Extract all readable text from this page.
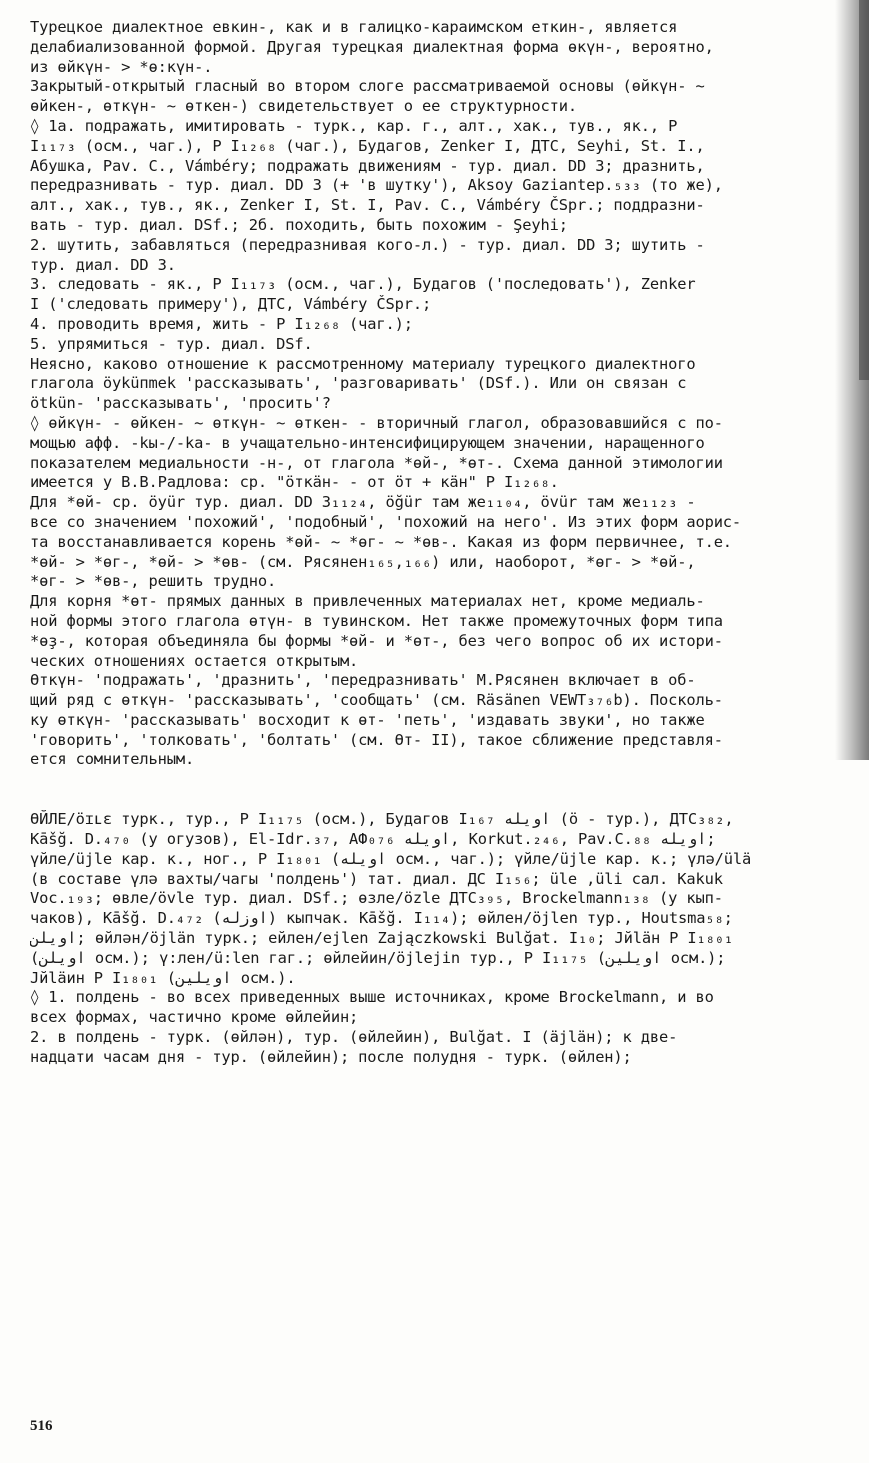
Турецкое диалектное евкин-, как и в галицко-караимском еткин-, является
делабиализованной формой. Другая турецкая диалектная форма өкүн-, вероятно,
из өйкүн- > *ө:күн-.
Закрытый-открытый гласный во втором слоге рассматриваемой основы (өйкүн- ~
өйкен-, өткүн- ~ өткен-) свидетельствует о ее структурности.
◊ 1а. подражать, имитировать - турк., кар. г., алт., хак., тув., як., Р
I₁₁₇₃ (осм., чаг.), Р I₁₂₆₈ (чаг.), Будагов, Zenker I, ДТС, Seyhi, St. I.,
Абушка, Pav. C., Vámbéry; подражать движениям - тур. диал. DD 3; дразнить,
передразнивать - тур. диал. DD 3 (+ 'в шутку'), Aksoy Gaziantep.₅₃₃ (то же),
алт., хак., тув., як., Zenker I, St. I, Pav. C., Vámbéry ČSpr.; поддразни-
вать - тур. диал. DSf.; 2б. походить, быть похожим - Şeyhi;
2. шутить, забавляться (передразнивая кого-л.) - тур. диал. DD 3; шутить -
тур. диал. DD 3.
3. следовать - як., Р I₁₁₇₃ (осм., чаг.), Будагов ('последовать'), Zenker
I ('следовать примеру'), ДТС, Vámbéry ČSpr.;
4. проводить время, жить - Р I₁₂₆₈ (чаг.);
5. упрямиться - тур. диал. DSf.
Неясно, каково отношение к рассмотренному материалу турецкого диалектного
глагола öyküпmek 'рассказывать', 'разговаривать' (DSf.). Или он связан с
ötkün- 'рассказывать', 'просить'?
◊ өйкүн- - өйкен- ~ өткүн- ~ өткен- - вторичный глагол, образовавшийся с по-
мощью афф. -kы-/-ka- в учащательно-интенсифицирующем значении, наращенного
показателем медиальности -н-, от глагола *өй-, *өт-. Схема данной этимологии
имеется у В.В.Радлова: ср. "öткäн- - от öт + кäн" Р I₁₂₆₈.
Для *өй- ср. öyür тур. диал. DD 3₁₁₂₄, öğür там же₁₁₀₄, övür там же₁₁₂₃ -
все со значением 'похожий', 'подобный', 'похожий на него'. Из этих форм аорис-
та восстанавливается корень *өй- ~ *өг- ~ *өв-. Какая из форм первичнее, т.е.
*өй- > *өг-, *өй- > *өв- (см. Рясянен₁₆₅,₁₆₆) или, наоборот, *өг- > *өй-,
*өг- > *өв-, решить трудно.
Для корня *өт- прямых данных в привлеченных материалах нет, кроме медиаль-
ной формы этого глагола өтүн- в тувинском. Нет также промежуточных форм типа
*өҙ-, которая объединяла бы формы *өй- и *өт-, без чего вопрос об их истори-
ческих отношениях остается открытым.
Өткүн- 'подражать', 'дразнить', 'передразнивать' М.Рясянен включает в об-
щий ряд с өткүн- 'рассказывать', 'сообщать' (см. Räsänen VEWT₃₇₆b). Посколь-
ку өткүн- 'рассказывать' восходит к өт- 'петь', 'издавать звуки', но также
'говорить', 'толковать', 'болтать' (см. Өт- II), такое сближение представля-
ется сомнительным.
ӨЙЛЕ/öɪʟɛ турк., тур., Р I₁₁₇₅ (осм.), Будагов I₁₆₇ اويله (ö - тур.), ДТС₃₈₂,
Kāšğ. D.₄₇₀ (у огузов), El-Idr.₃₇, АФ₀₇₆ اويله, Korkut.₂₄₆, Pav.C.₈₈ اويله;
үйле/üjle кар. к., ног., Р I₁₈₀₁ (اويله осм., чаг.); үйле/üjle кар. к.; үлә/ülä
(в составе үлә вахты/чагы 'полдень') тат. диал. ДС I₁₅₆; ülе ,ülі сал. Kakuk
Voc.₁₉₃; өвле/övle тур. диал. DSf.; өзле/özle ДТС₃₉₅, Brockelmann₁₃₈ (у кып-
чаков), Kāšğ. D.₄₇₂ (اوزله) кыпчак. Kāšğ. I₁₁₄); өйлен/öjlen тур., Houtsma₅₈;
اويلن; өйлән/öjlän турк.; ейлен/ejlen Zajączkowski Bulğat. I₁₀; Jйläн Р I₁₈₀₁
(اويلن осм.); ү:лен/ü:len гаг.; өйлейин/öjlejin тур., Р I₁₁₇₅ (اويلين осм.);
Jйläин Р I₁₈₀₁ (اويلين осм.).
◊ 1. полдень - во всех приведенных выше источниках, кроме Brockelmann, и во
всех формах, частично кроме өйлейин;
2. в полдень - турк. (өйлән), тур. (өйлейин), Bulğat. I (äjläн); к две-
надцати часам дня - тур. (өйлейин); после полудня - турк. (өйлен);
516
